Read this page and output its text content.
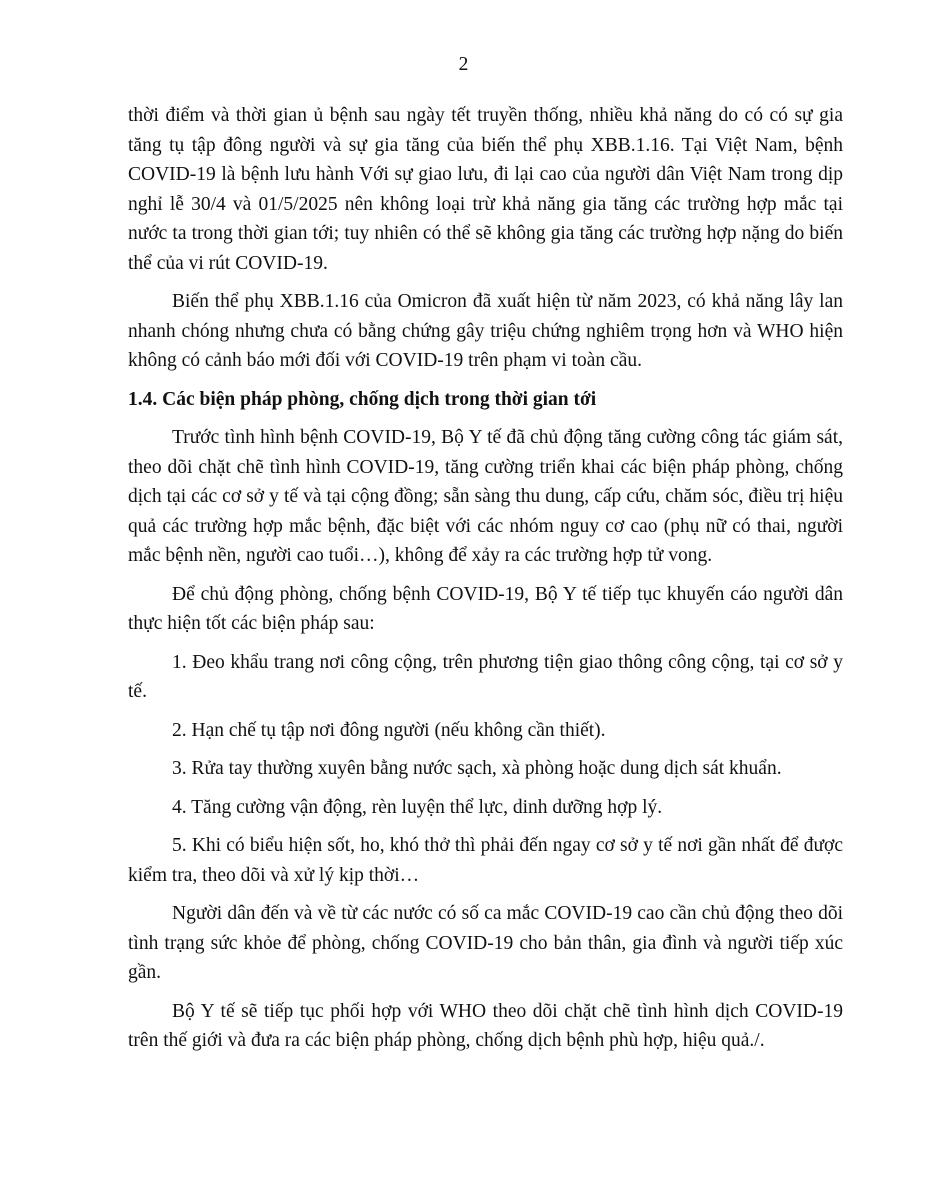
2

thời điểm và thời gian ủ bệnh sau ngày tết truyền thống, nhiều khả năng do có có sự gia tăng tụ tập đông người và sự gia tăng của biến thể phụ XBB.1.16. Tại Việt Nam, bệnh COVID-19 là bệnh lưu hành Với sự giao lưu, đi lại cao của người dân Việt Nam trong dịp nghỉ lễ 30/4 và 01/5/2025 nên không loại trừ khả năng gia tăng các trường hợp mắc tại nước ta trong thời gian tới; tuy nhiên có thể sẽ không gia tăng các trường hợp nặng do biến thể của vi rút COVID-19.

Biến thể phụ XBB.1.16 của Omicron đã xuất hiện từ năm 2023, có khả năng lây lan nhanh chóng nhưng chưa có bằng chứng gây triệu chứng nghiêm trọng hơn và WHO hiện không có cảnh báo mới đối với COVID-19 trên phạm vi toàn cầu.

1.4. Các biện pháp phòng, chống dịch trong thời gian tới

Trước tình hình bệnh COVID-19, Bộ Y tế đã chủ động tăng cường công tác giám sát, theo dõi chặt chẽ tình hình COVID-19, tăng cường triển khai các biện pháp phòng, chống dịch tại các cơ sở y tế và tại cộng đồng; sẵn sàng thu dung, cấp cứu, chăm sóc, điều trị hiệu quả các trường hợp mắc bệnh, đặc biệt với các nhóm nguy cơ cao (phụ nữ có thai, người mắc bệnh nền, người cao tuổi…), không để xảy ra các trường hợp tử vong.

Để chủ động phòng, chống bệnh COVID-19, Bộ Y tế tiếp tục khuyến cáo người dân thực hiện tốt các biện pháp sau:

1. Đeo khẩu trang nơi công cộng, trên phương tiện giao thông công cộng, tại cơ sở y tế.

2. Hạn chế tụ tập nơi đông người (nếu không cần thiết).

3. Rửa tay thường xuyên bằng nước sạch, xà phòng hoặc dung dịch sát khuẩn.

4. Tăng cường vận động, rèn luyện thể lực, dinh dưỡng hợp lý.

5. Khi có biểu hiện sốt, ho, khó thở thì phải đến ngay cơ sở y tế nơi gần nhất để được kiểm tra, theo dõi và xử lý kịp thời…

Người dân đến và về từ các nước có số ca mắc COVID-19 cao cần chủ động theo dõi tình trạng sức khỏe để phòng, chống COVID-19 cho bản thân, gia đình và người tiếp xúc gần.

Bộ Y tế sẽ tiếp tục phối hợp với WHO theo dõi chặt chẽ tình hình dịch COVID-19 trên thế giới và đưa ra các biện pháp phòng, chống dịch bệnh phù hợp, hiệu quả./.
